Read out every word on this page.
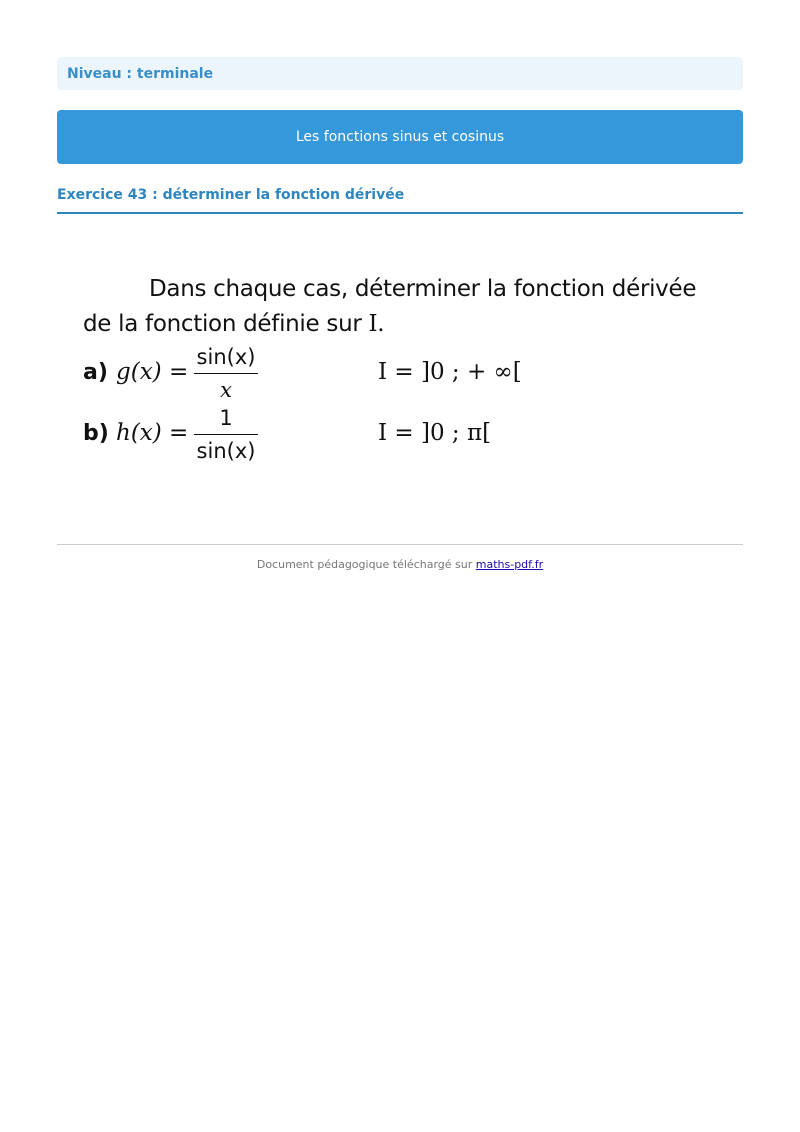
Niveau : terminale
Les fonctions sinus et cosinus
Exercice 43 : déterminer la fonction dérivée
Dans chaque cas, déterminer la fonction dérivée
de la fonction définie sur I.
a) g(x) =
sin(x)
x
I = ]0 ; + ∞[
b) h(x) =
1
sin(x)
I = ]0 ; π[
Document pédagogique téléchargé sur maths-pdf.fr
